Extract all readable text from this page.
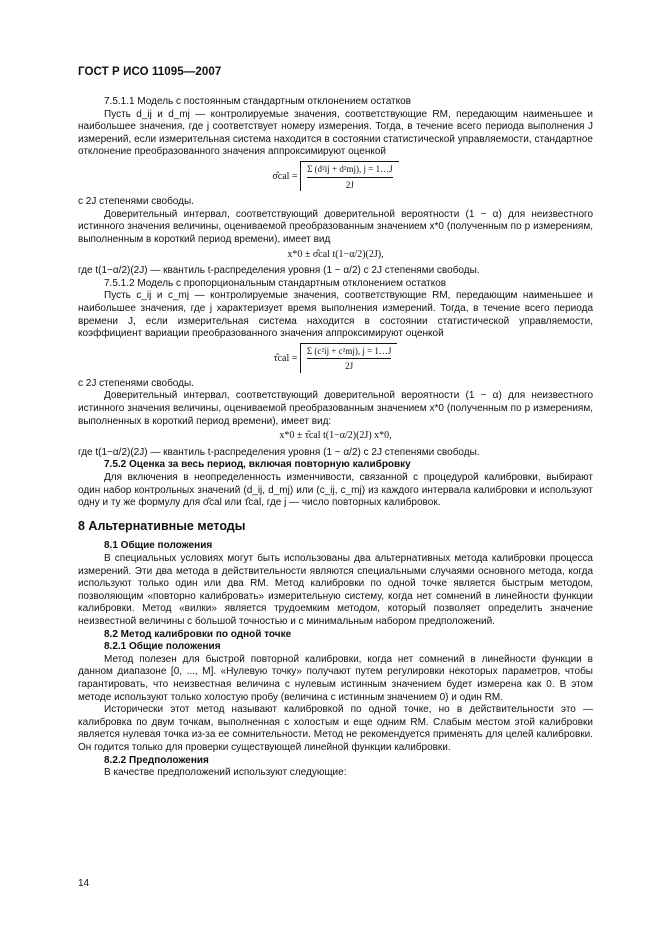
ГОСТ Р ИСО 11095—2007

7.5.1.1 Модель с постоянным стандартным отклонением остатков

Пусть d_ij и d_mj — контролируемые значения, соответствующие RM, передающим наименьшее и наибольшее значения, где j соответствует номеру измерения. Тогда, в течение всего периода выполнения J измерений, если измерительная система находится в состоянии статистической управляемости, стандартное отклонение преобразованного значения аппроксимируют оценкой

σ̂cal = $\frac{\text{Σ (d²ij + d²mj), j = 1…J}}{2J}$

с 2J степенями свободы.

Доверительный интервал, соответствующий доверительной вероятности (1 − α) для неизвестного истинного значения величины, оцениваемой преобразованным значением x*0 (полученным по p измерениям, выполненным в короткий период времени), имеет вид

x*0 ± σ̂cal t(1−α/2)(2J),

где t(1−α/2)(2J) — квантиль t-распределения уровня (1 − α/2) с 2J степенями свободы.

7.5.1.2 Модель с пропорциональным стандартным отклонением остатков

Пусть c_ij и c_mj — контролируемые значения, соответствующие RM, передающим наименьшее и наибольшее значения, где j характеризует время выполнения измерений. Тогда, в течение всего периода времени J, если измерительная система находится в состоянии статистической управляемости, коэффициент вариации преобразованного значения аппроксимируют оценкой

τ̂cal = $\frac{\text{Σ (c²ij + c²mj), j = 1…J}}{2J}$

с 2J степенями свободы.

Доверительный интервал, соответствующий доверительной вероятности (1 − α) для неизвестного истинного значения величины, оцениваемой преобразованным значением x*0 (полученным по p измерениям, выполненных в короткий период времени), имеет вид:

x*0 ± τ̂cal t(1−α/2)(2J) x*0,

где t(1−α/2)(2J) — квантиль t-распределения уровня (1 − α/2) с 2J степенями свободы.

7.5.2 Оценка за весь период, включая повторную калибровку

Для включения в неопределенность изменчивости, связанной с процедурой калибровки, выбирают один набор контрольных значений (d_ij, d_mj) или (c_ij, c_mj) из каждого интервала калибровки и используют одну и ту же формулу для σ̂cal или τ̂cal, где j — число повторных калибровок.

8 Альтернативные методы

8.1 Общие положения

В специальных условиях могут быть использованы два альтернативных метода калибровки процесса измерений. Эти два метода в действительности являются специальными случаями основного метода, когда используют только один или два RM. Метод калибровки по одной точке является быстрым методом, позволяющим «повторно калибровать» измерительную систему, когда нет сомнений в линейности функции калибровки. Метод «вилки» является трудоемким методом, который позволяет определить значение неизвестной величины с большой точностью и с минимальным набором предположений.

8.2 Метод калибровки по одной точке

8.2.1 Общие положения

Метод полезен для быстрой повторной калибровки, когда нет сомнений в линейности функции в данном диапазоне [0, ..., M]. «Нулевую точку» получают путем регулировки некоторых параметров, чтобы гарантировать, что неизвестная величина с нулевым истинным значением будет измерена как 0. В этом методе используют только холостую пробу (величина с истинным значением 0) и один RM.

Исторически этот метод называют калибровкой по одной точке, но в действительности это — калибровка по двум точкам, выполненная с холостым и еще одним RM. Слабым местом этой калибровки является нулевая точка из-за ее сомнительности. Метод не рекомендуется применять для целей калибровки. Он годится только для проверки существующей линейной функции калибровки.

8.2.2 Предположения

В качестве предположений используют следующие:

14
